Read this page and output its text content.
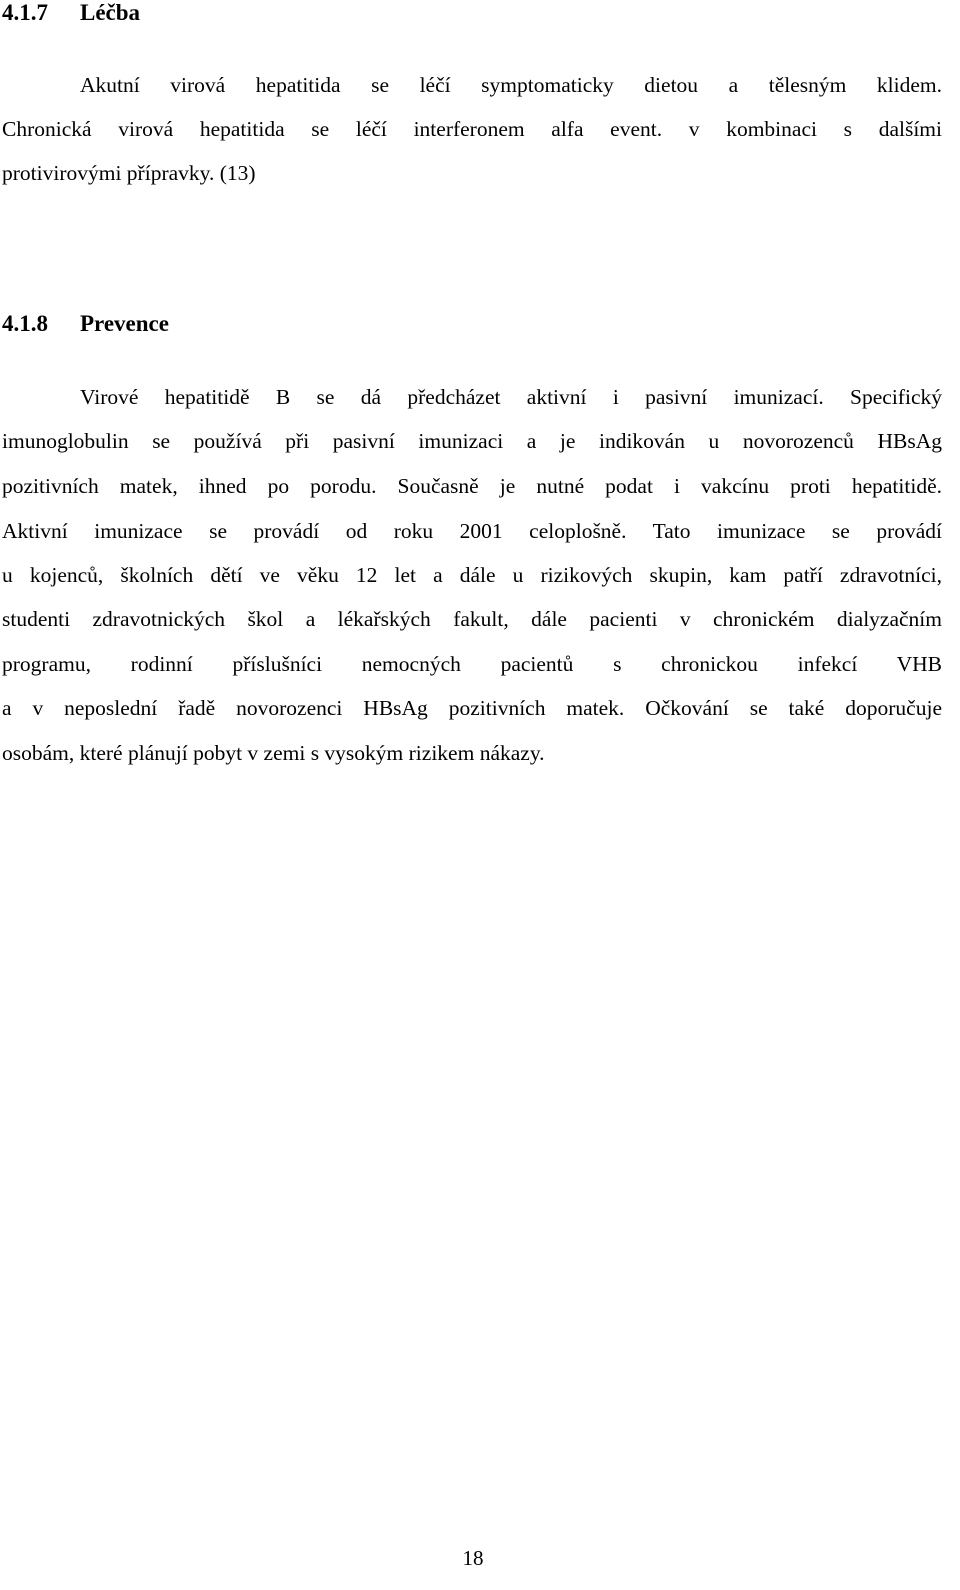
4.1.7 Léčba
Akutní virová hepatitida se léčí symptomaticky dietou a tělesným klidem.
Chronická virová hepatitida se léčí interferonem alfa event. v kombinaci s dalšími
protivirovými přípravky. (13)
4.1.8 Prevence
Virové hepatitidě B se dá předcházet aktivní i pasivní imunizací. Specifický
imunoglobulin se používá při pasivní imunizaci a je indikován u novorozenců HBsAg
pozitivních matek, ihned po porodu. Současně je nutné podat i vakcínu proti hepatitidě.
Aktivní imunizace se provádí od roku 2001 celoplošně. Tato imunizace se provádí
u kojenců, školních dětí ve věku 12 let a dále u rizikových skupin, kam patří zdravotníci,
studenti zdravotnických škol a lékařských fakult, dále pacienti v chronickém dialyzačním
programu, rodinní příslušníci nemocných pacientů s chronickou infekcí VHB
a v neposlední řadě novorozenci HBsAg pozitivních matek. Očkování se také doporučuje
osobám, které plánují pobyt v zemi s vysokým rizikem nákazy.
18
